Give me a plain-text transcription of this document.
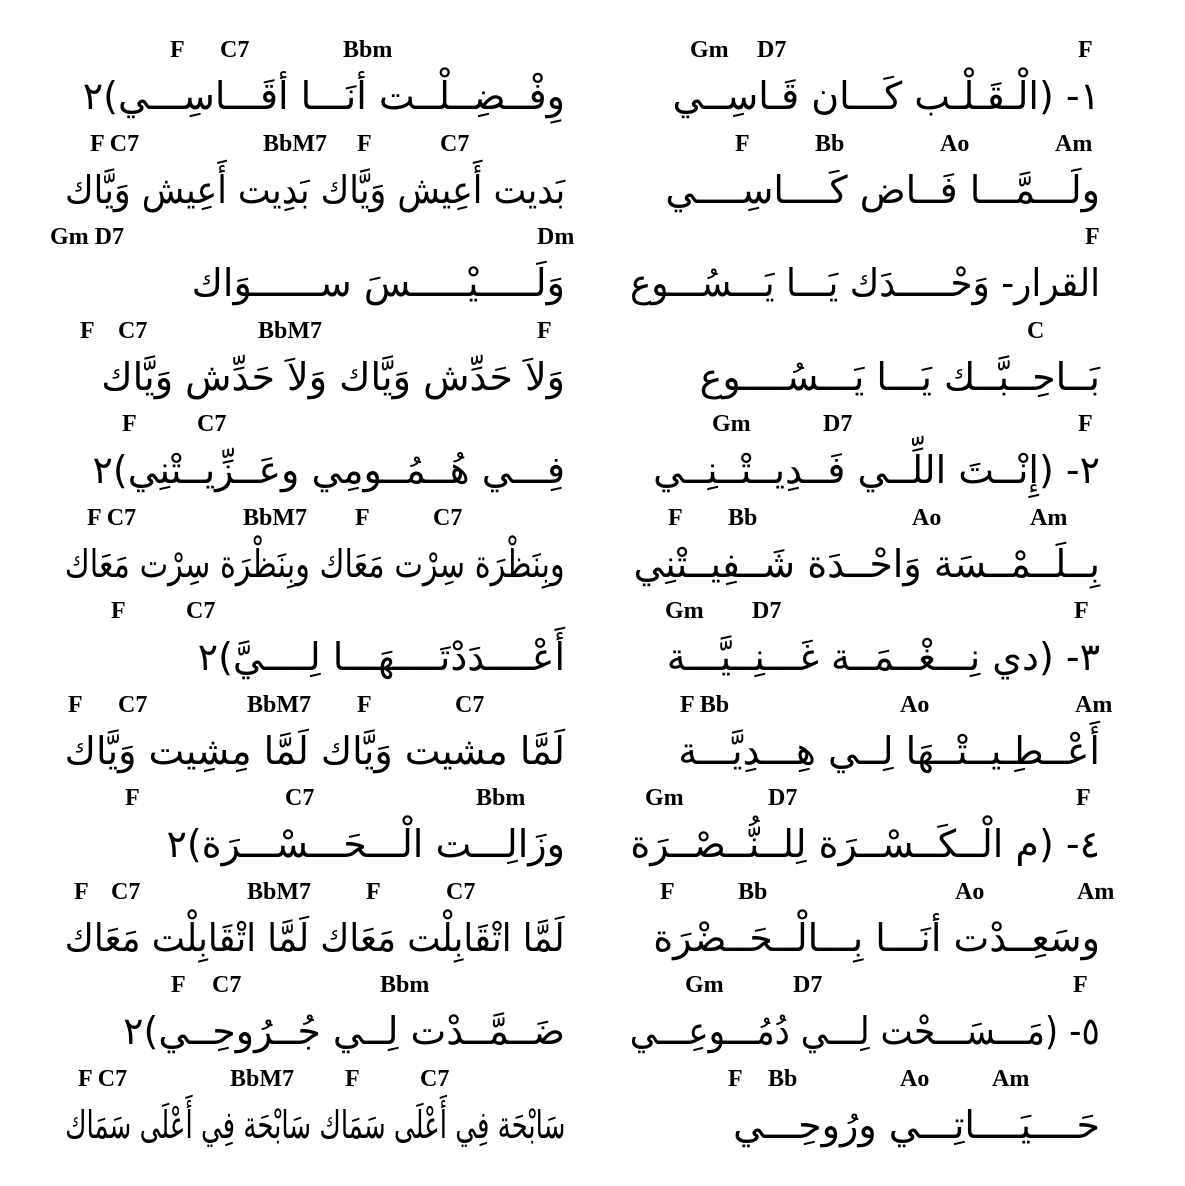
Gm D7	F
١- (الْـقَـلْـب كَـــان قَـاسِــي
F	Bb	Ao	Am
ولَـــمَّـــا فَــاض كَــــاسِــــي
F
القرار- وَحْـــــدَك يَـــا يَـــسُـــوع
C
بَــاحِــبَّــك يَـــا يَـــسُــــوع
Gm	D7	F
٢- (إِنْــتَ اللِّــي فَــدِيــتْــنِــي
F Bb	Ao	Am
بِــلَــمْــسَة وَاحْــدَة شَــفِيــتْنِي
Gm D7	F
٣- (دي نِـــغْــمَــة غَـــنِــيَّـــة
F Bb	Ao	Am
أَعْــطِـيــتْــهَا لِــي هِـــدِيَّـــة
Gm	D7	F
٤- (م الْــكَــسْــرَة لِلــنُّــصْــرَة
F	Bb	Ao	Am
وسَعِــدْت أنَـــا بِـــالْــحَــضْرَة
Gm	D7	F
٥- (مَـــسَـــحْت لِـــي دُمُـــوعِـــي
F Bb	Ao	Am
حَــــيَــــاتِـــي ورُوحِـــي
F C7	Bbm
وِفْــضِــلْــت أنَـــا أقَـــاسِـــي)٢
F C7	BbM7 F	C7
بَديت أَعِيش وَيَّاك بَدِيت أَعِيش وَيَّاك
Gm D7	Dm
وَلَـــــيْـــــسَ ســــــوَاك
F C7	BbM7	F
وَلاَ حَدِّش وَيَّاك وَلاَ حَدِّش وَيَّاك
F	C7
فِـــي هُــمُــومِي وعَــزِّيــتْنِي)٢
F C7	BbM7 F	C7
وبِنَظْرَة سِرْت مَعَاك وبِنَظْرَة سِرْت مَعَاك
F	C7
أَعْــــدَدْتَــــهَـــا لِــــيَّ)٢
F C7	BbM7 F	C7
لَمَّا مشيت وَيَّاك لَمَّا مِشِيت وَيَّاك
F	C7	Bbm
وزَالِـــت الْـــحَـــسْـــرَة)٢
F C7	BbM7 F	C7
لَمَّا اتْقَابِلْت مَعَاك لَمَّا اتْقَابِلْت مَعَاك
F C7	Bbm
ضَــمَّــدْت لِــي جُــرُوحِــي)٢
F C7	BbM7 F	C7
سَابْحَة فِي أَعْلَى سَمَاك سَابْحَة فِي أَعْلَى سَمَاك
